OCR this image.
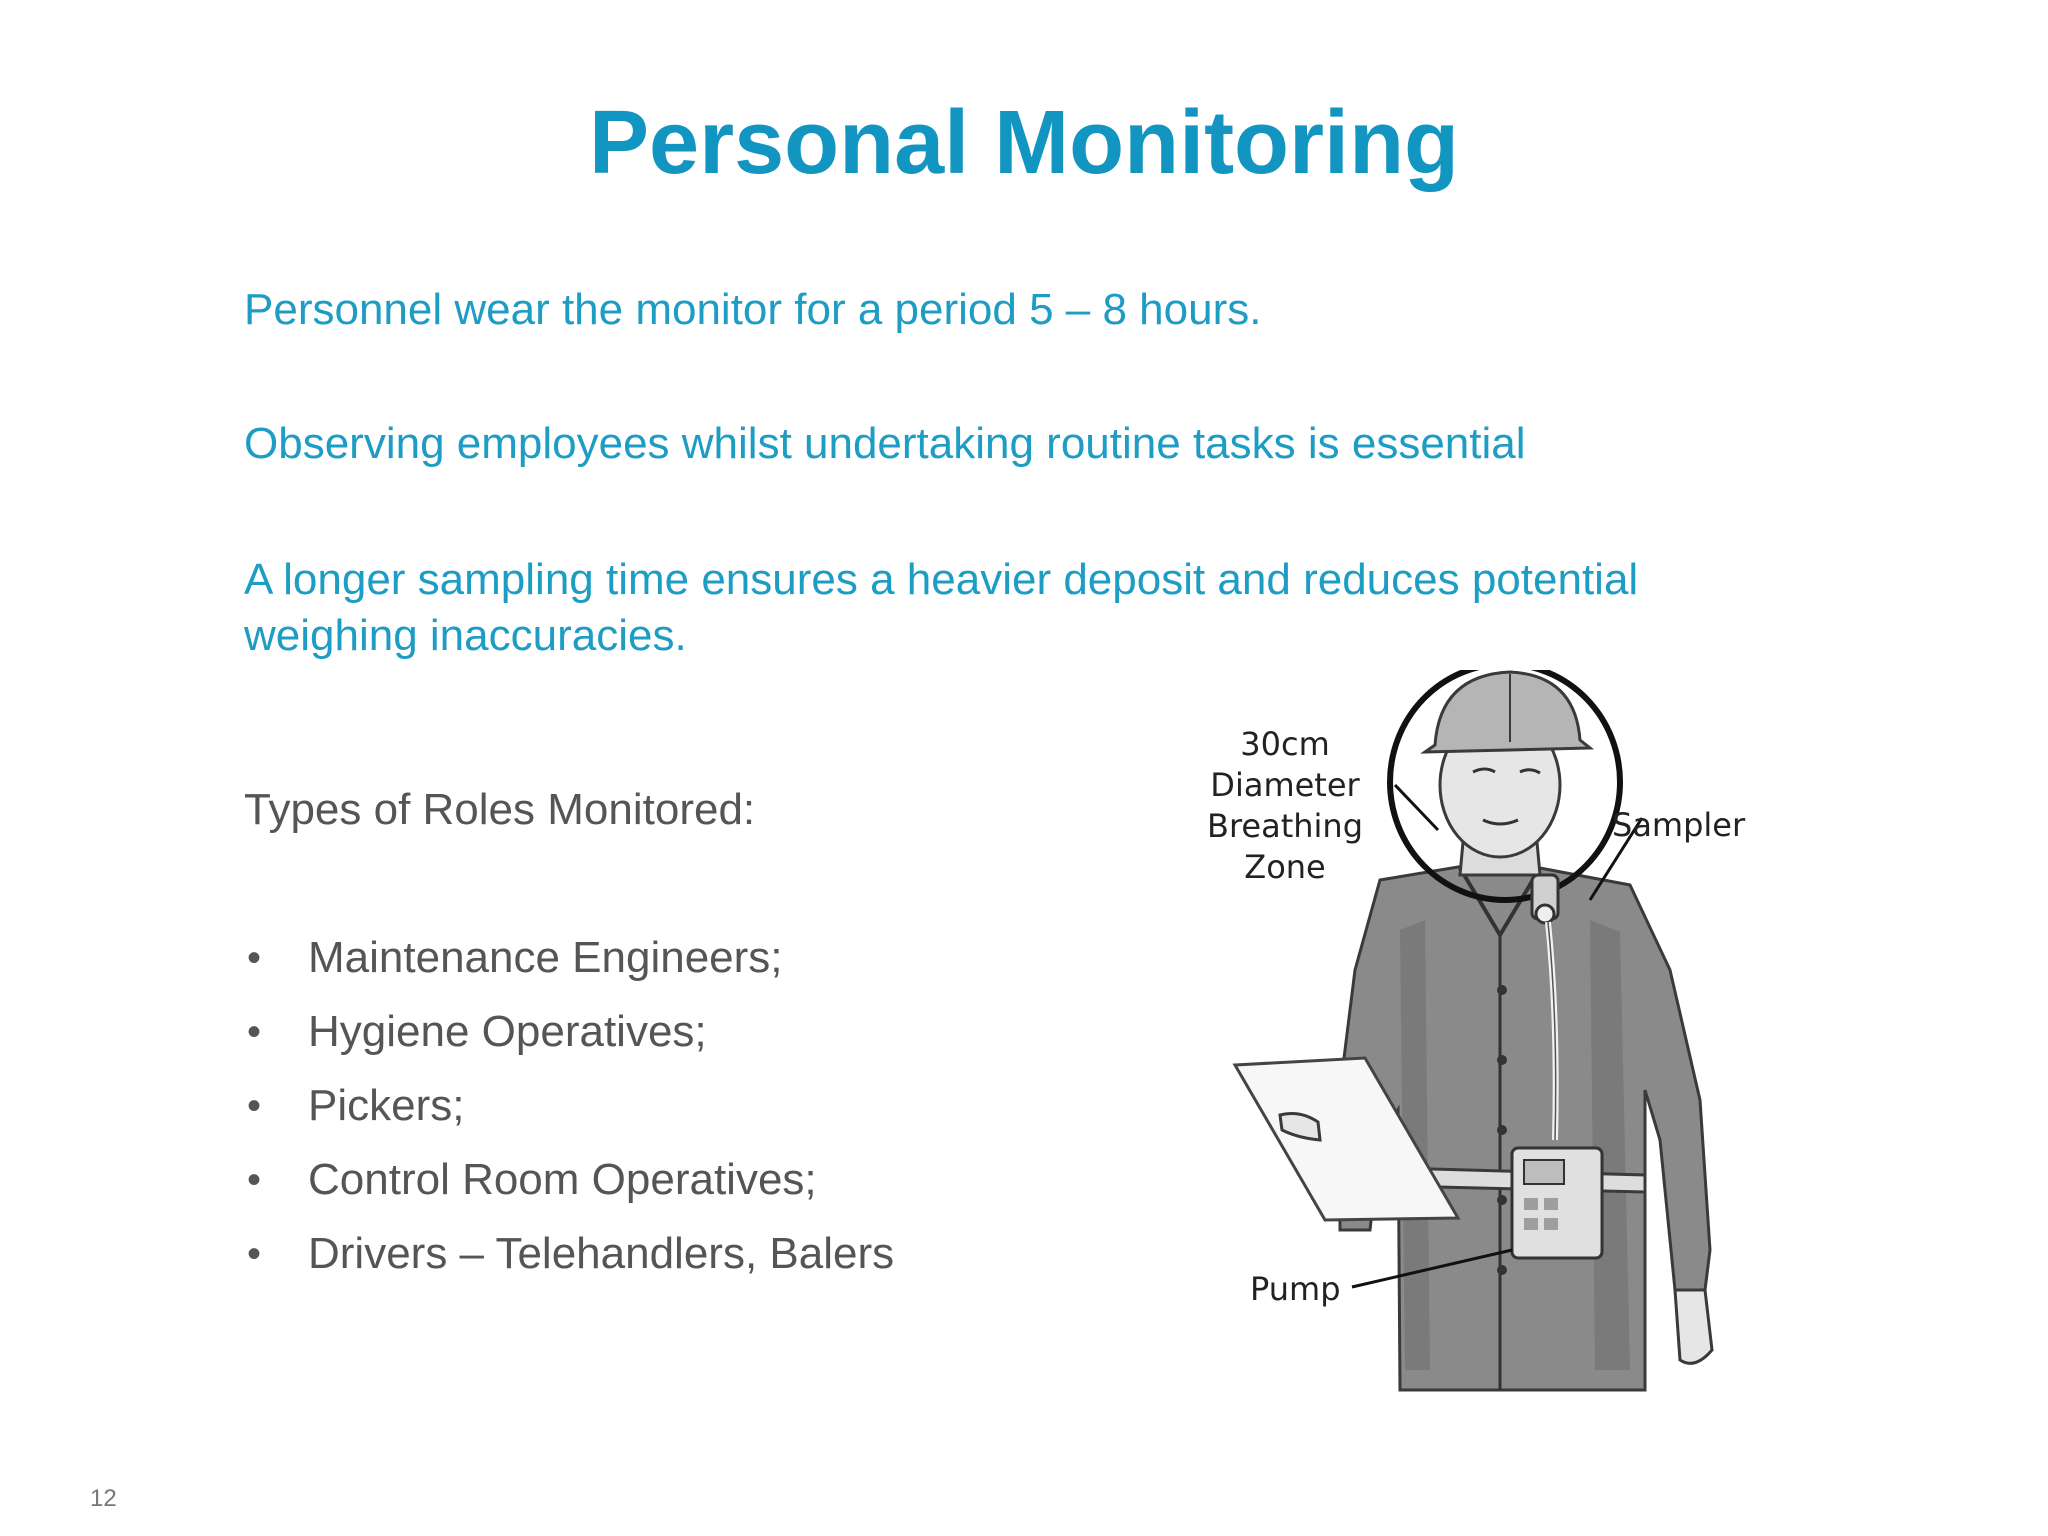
Personal Monitoring

Personnel wear the monitor for a period 5 – 8 hours.

Observing employees whilst undertaking routine tasks is essential

A longer sampling time ensures a heavier deposit and reduces potential weighing inaccuracies.

Types of Roles Monitored:

• Maintenance Engineers;
• Hygiene Operatives;
• Pickers;
• Control Room Operatives;
• Drivers – Telehandlers, Balers
30cm
Diameter
Breathing
Zone
Sampler
Pump
12
